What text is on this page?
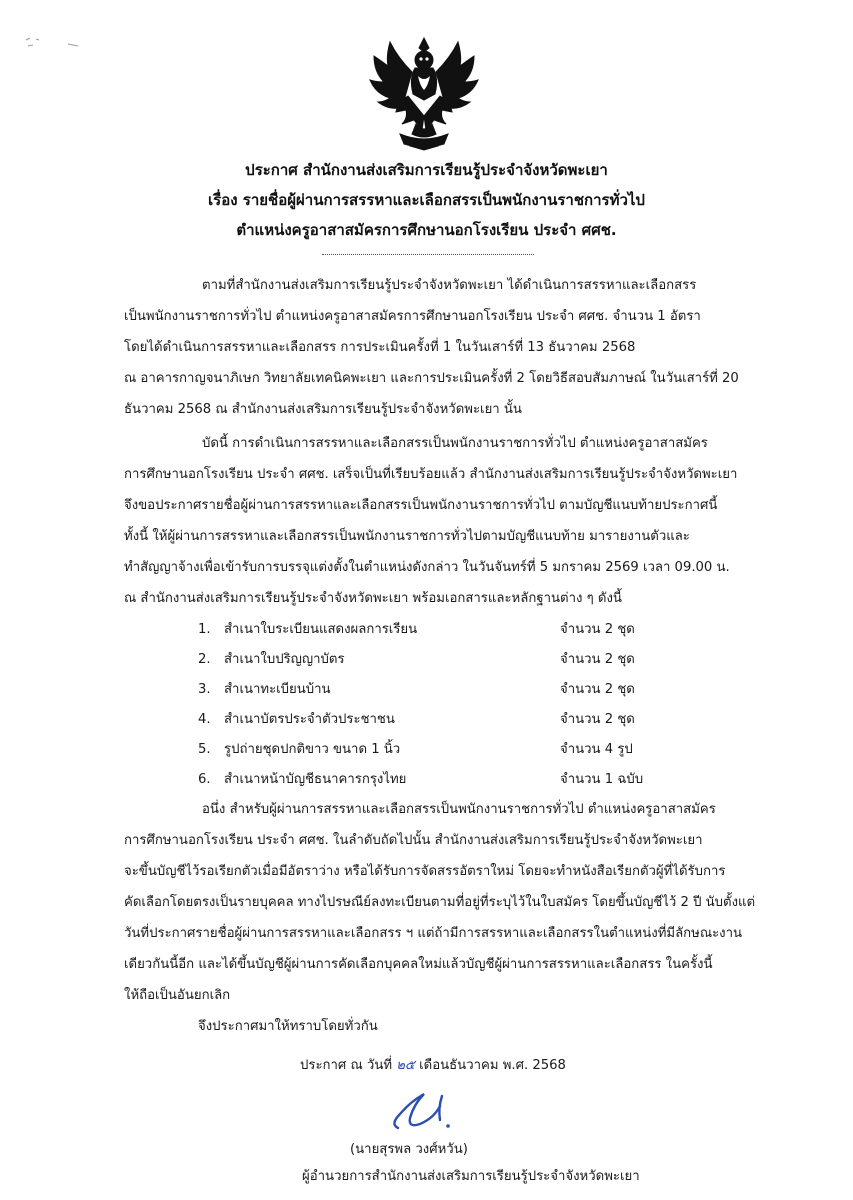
ประกาศ สำนักงานส่งเสริมการเรียนรู้ประจำจังหวัดพะเยา
เรื่อง รายชื่อผู้ผ่านการสรรหาและเลือกสรรเป็นพนักงานราชการทั่วไป
ตำแหน่งครูอาสาสมัครการศึกษานอกโรงเรียน ประจำ ศศช.
ตามที่สำนักงานส่งเสริมการเรียนรู้ประจำจังหวัดพะเยา ได้ดำเนินการสรรหาและเลือกสรร
เป็นพนักงานราชการทั่วไป ตำแหน่งครูอาสาสมัครการศึกษานอกโรงเรียน ประจำ ศศช. จำนวน 1 อัตรา
โดยได้ดำเนินการสรรหาและเลือกสรร การประเมินครั้งที่ 1 ในวันเสาร์ที่ 13 ธันวาคม 2568
ณ อาคารกาญจนาภิเษก วิทยาลัยเทคนิคพะเยา และการประเมินครั้งที่ 2 โดยวิธีสอบสัมภาษณ์ ในวันเสาร์ที่ 20
ธันวาคม 2568 ณ สำนักงานส่งเสริมการเรียนรู้ประจำจังหวัดพะเยา นั้น
บัดนี้ การดำเนินการสรรหาและเลือกสรรเป็นพนักงานราชการทั่วไป ตำแหน่งครูอาสาสมัคร
การศึกษานอกโรงเรียน ประจำ ศศช. เสร็จเป็นที่เรียบร้อยแล้ว สำนักงานส่งเสริมการเรียนรู้ประจำจังหวัดพะเยา
จึงขอประกาศรายชื่อผู้ผ่านการสรรหาและเลือกสรรเป็นพนักงานราชการทั่วไป ตามบัญชีแนบท้ายประกาศนี้
ทั้งนี้ ให้ผู้ผ่านการสรรหาและเลือกสรรเป็นพนักงานราชการทั่วไปตามบัญชีแนบท้าย มารายงานตัวและ
ทำสัญญาจ้างเพื่อเข้ารับการบรรจุแต่งตั้งในตำแหน่งดังกล่าว ในวันจันทร์ที่ 5 มกราคม 2569 เวลา 09.00 น.
ณ สำนักงานส่งเสริมการเรียนรู้ประจำจังหวัดพะเยา พร้อมเอกสารและหลักฐานต่าง ๆ ดังนี้
1.	สำเนาใบระเบียนแสดงผลการเรียน	จำนวน 2 ชุด
2.	สำเนาใบปริญญาบัตร	จำนวน 2 ชุด
3.	สำเนาทะเบียนบ้าน	จำนวน 2 ชุด
4.	สำเนาบัตรประจำตัวประชาชน	จำนวน 2 ชุด
5.	รูปถ่ายชุดปกติขาว ขนาด 1 นิ้ว	จำนวน 4 รูป
6.	สำเนาหน้าบัญชีธนาคารกรุงไทย	จำนวน 1 ฉบับ
อนึ่ง สำหรับผู้ผ่านการสรรหาและเลือกสรรเป็นพนักงานราชการทั่วไป ตำแหน่งครูอาสาสมัคร
การศึกษานอกโรงเรียน ประจำ ศศช. ในลำดับถัดไปนั้น สำนักงานส่งเสริมการเรียนรู้ประจำจังหวัดพะเยา
จะขึ้นบัญชีไว้รอเรียกตัวเมื่อมีอัตราว่าง หรือได้รับการจัดสรรอัตราใหม่ โดยจะทำหนังสือเรียกตัวผู้ที่ได้รับการ
คัดเลือกโดยตรงเป็นรายบุคคล ทางไปรษณีย์ลงทะเบียนตามที่อยู่ที่ระบุไว้ในใบสมัคร โดยขึ้นบัญชีไว้ 2 ปี นับตั้งแต่
วันที่ประกาศรายชื่อผู้ผ่านการสรรหาและเลือกสรร ฯ แต่ถ้ามีการสรรหาและเลือกสรรในตำแหน่งที่มีลักษณะงาน
เดียวกันนี้อีก และได้ขึ้นบัญชีผู้ผ่านการคัดเลือกบุคคลใหม่แล้วบัญชีผู้ผ่านการสรรหาและเลือกสรร ในครั้งนี้
ให้ถือเป็นอันยกเลิก
จึงประกาศมาให้ทราบโดยทั่วกัน
ประกาศ ณ วันที่ ๒๕ เดือนธันวาคม พ.ศ. 2568
(นายสุรพล วงศ์หวัน)
ผู้อำนวยการสำนักงานส่งเสริมการเรียนรู้ประจำจังหวัดพะเยา
